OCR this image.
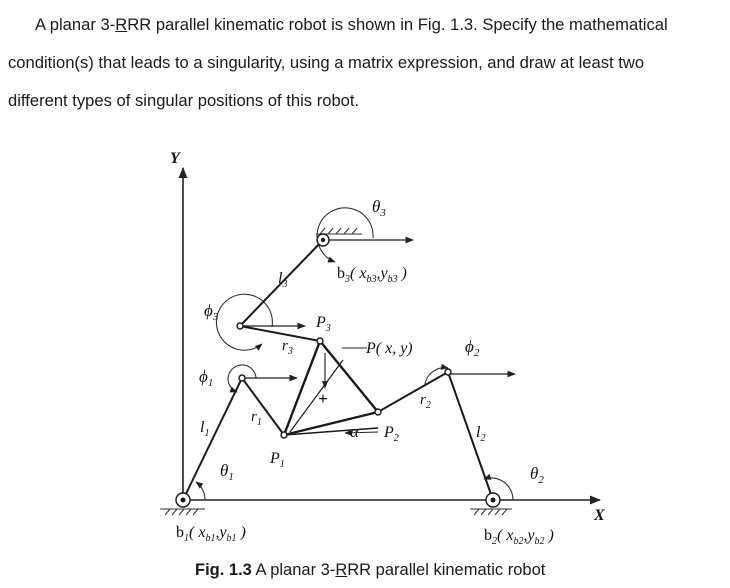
A planar 3-RRR parallel kinematic robot is shown in Fig. 1.3. Specify the mathematical
condition(s) that leads to a singularity, using a matrix expression, and draw at least two
different types of singular positions of this robot.

Y
X
$\theta_3$
$b_3$( $x_{b3},y_{b3}$ )
$l_3$
$\phi_3$	$P_3$
$r_3$	P( x, y)	$\phi_2$
$\phi_1$
+	$r_2$
$r_1$
$l_1$	α $P_2$	$l_2$
$P_1$
$\theta_1$	$\theta_2$
$b_1$( $x_{b1},y_{b1}$ )	$b_2$( $x_{b2},y_{b2}$ )
Fig. 1.3 A planar 3-RRR parallel kinematic robot
